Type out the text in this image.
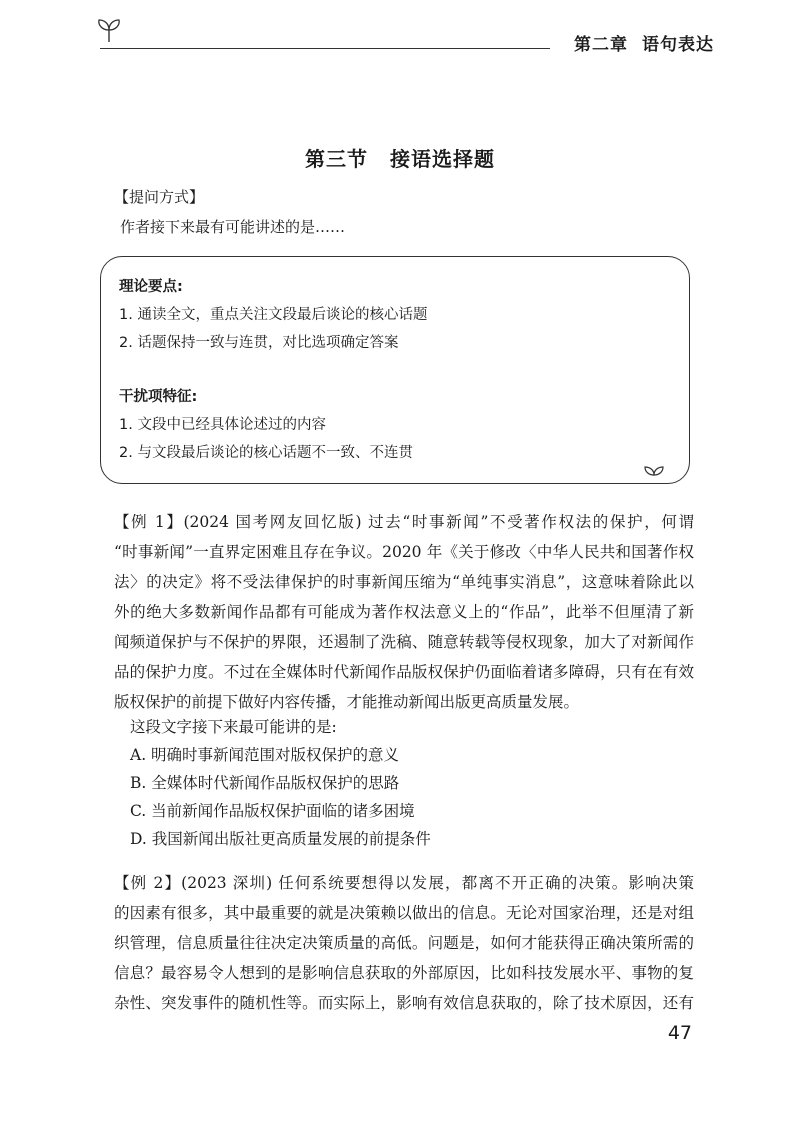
第二章 语句表达
第三节 接语选择题
【提问方式】
作者接下来最有可能讲述的是……
理论要点:
1. 通读全文，重点关注文段最后谈论的核心话题
2. 话题保持一致与连贯，对比选项确定答案
干扰项特征:
1. 文段中已经具体论述过的内容
2. 与文段最后谈论的核心话题不一致、不连贯
【例 1】(2024 国考网友回忆版) 过去“时事新闻”不受著作权法的保护，何谓
“时事新闻”一直界定困难且存在争议。2020 年《关于修改〈中华人民共和国著作权
法〉的决定》将不受法律保护的时事新闻压缩为“单纯事实消息”，这意味着除此以
外的绝大多数新闻作品都有可能成为著作权法意义上的“作品”，此举不但厘清了新
闻频道保护与不保护的界限，还遏制了洗稿、随意转载等侵权现象，加大了对新闻作
品的保护力度。不过在全媒体时代新闻作品版权保护仍面临着诸多障碍，只有在有效
版权保护的前提下做好内容传播，才能推动新闻出版更高质量发展。
这段文字接下来最可能讲的是:
A. 明确时事新闻范围对版权保护的意义
B. 全媒体时代新闻作品版权保护的思路
C. 当前新闻作品版权保护面临的诸多困境
D. 我国新闻出版社更高质量发展的前提条件
【例 2】(2023 深圳) 任何系统要想得以发展，都离不开正确的决策。影响决策
的因素有很多，其中最重要的就是决策赖以做出的信息。无论对国家治理，还是对组
织管理，信息质量往往决定决策质量的高低。问题是，如何才能获得正确决策所需的
信息？最容易令人想到的是影响信息获取的外部原因，比如科技发展水平、事物的复
杂性、突发事件的随机性等。而实际上，影响有效信息获取的，除了技术原因，还有
47
